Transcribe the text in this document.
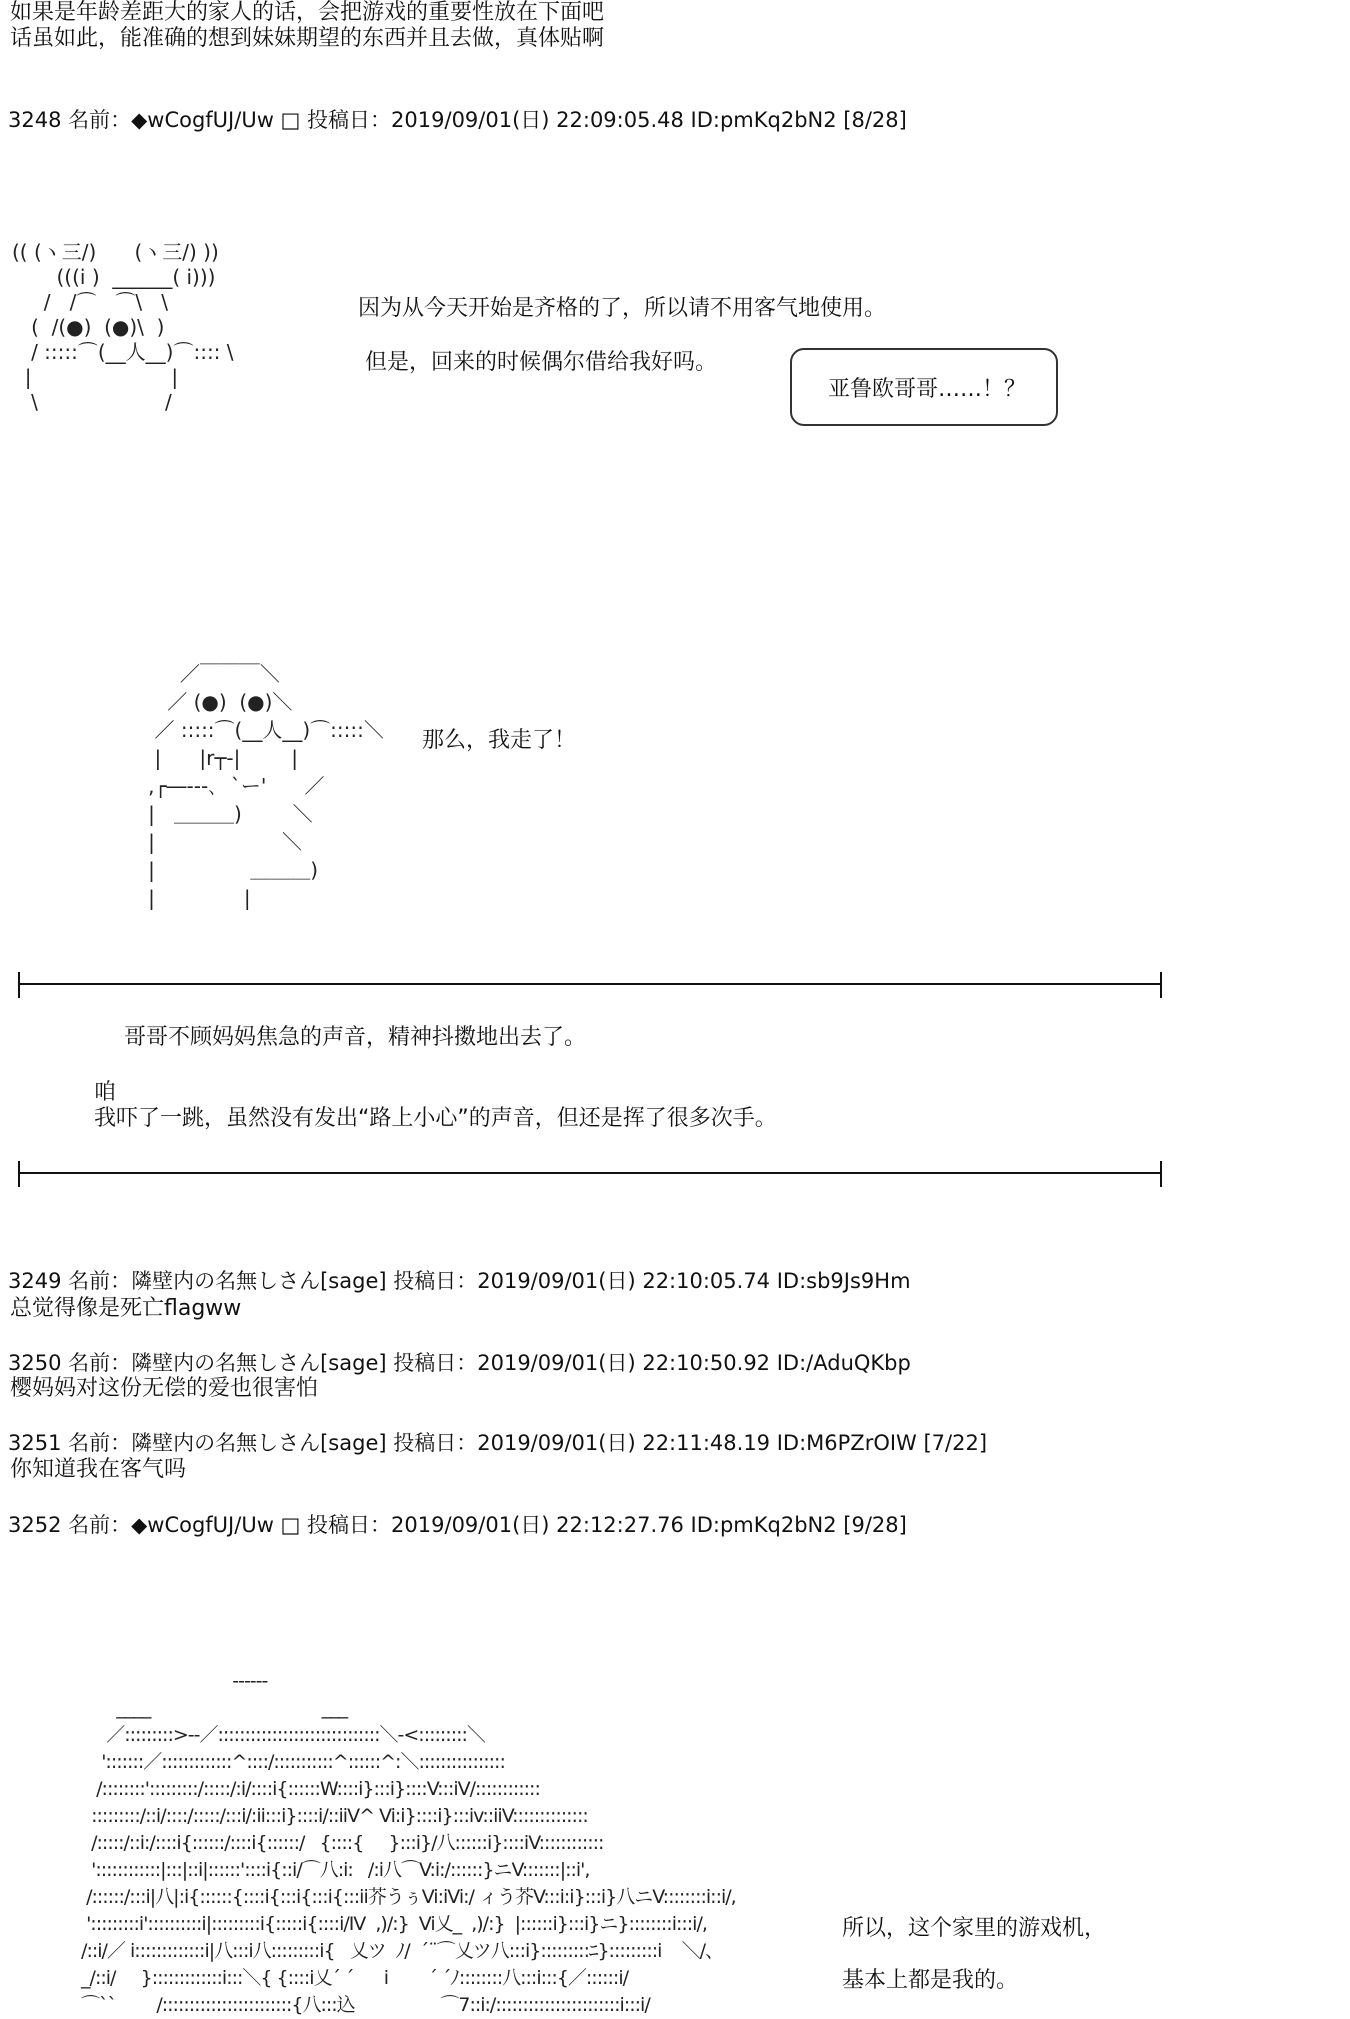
如果是年龄差距大的家人的话，会把游戏的重要性放在下面吧
话虽如此，能准确的想到妹妹期望的东西并且去做，真体贴啊
3248 名前：◆wCogfUJ/Uw □ 投稿日：2019/09/01(日) 22:09:05.48 ID:pmKq2bN2 [8/28]
(( (ヽ三/)      (ヽ三/) ))
(((i )  ______( i)))
/   /⌒   ⌒\   \
(  /(●)  (●)\  )
/ :::::⌒(__人__)⌒:::: \
|                      |
\                    /
因为从今天开始是齐格的了，所以请不用客气地使用。
但是，回来的时候偶尔借给我好吗。
亚鲁欧哥哥……！？
／￣￣￣＼
／ (●)  (●)＼
／ :::::⌒(__人__)⌒:::::＼
|      |r┬-|        |
,┌―‐--､  `ー'      ／
|   ＿＿＿)        ＼
|                    ＼
|               ＿＿＿)
|              |
那么，我走了！
哥哥不顾妈妈焦急的声音，精神抖擞地出去了。
咱
我吓了一跳，虽然没有发出“路上小心”的声音，但还是挥了很多次手。
3249 名前：隣壁内の名無しさん[sage] 投稿日：2019/09/01(日) 22:10:05.74 ID:sb9Js9Hm
总觉得像是死亡flagww
3250 名前：隣壁内の名無しさん[sage] 投稿日：2019/09/01(日) 22:10:50.92 ID:/AduQKbp
樱妈妈对这份无偿的爱也很害怕
3251 名前：隣壁内の名無しさん[sage] 投稿日：2019/09/01(日) 22:11:48.19 ID:M6PZrOIW [7/22]
你知道我在客气吗
3252 名前：◆wCogfUJ/Uw □ 投稿日：2019/09/01(日) 22:12:27.76 ID:pmKq2bN2 [9/28]
------
____                                  ___
／:::::::::>--／::::::::::::::::::::::::::::::＼-<:::::::::＼
':::::::／:::::::::::::^::::/:::::::::::^::::::^:＼::::::::::::::::
/::::::::':::::::::/:::::/:i/::::i{::::::W::::i}:::i}::::V:::iV/::::::::::::
:::::::::/::i/::::/:::::/:::i/:ii:::i}::::i/::iiV^ Vi:i}::::i}:::iv::iiV::::::::::::::
/:::::/::i:/::::i{::::::/::::i{::::::/   {::::{     }:::i}/八::::::i}::::iV::::::::::::
'::::::::::::|:::|::i|::::::'::::i{::i/⌒八:i:   /:i八⌒V:i:/::::::}ニV:::::::|::i',
/::::::/:::i|八|:i{::::::{::::i{:::i{:::i{:::ii芥うぅVi:iVi:/ ィう芥V:::i:i}:::i}八ニV::::::::i::i/,
':::::::::i'::::::::::i|:::::::::i{:::::i{::::i/Ⅳ  ,)/:}  Vi乂_  ,)/:}  |::::::i}:::i}ニ}::::::::i:::i/,
/::i/／ i:::::::::::::i|八:::i八:::::::::i{   乂ツ  ﾉ/  ´¨⌒乂ツ八:::i}:::::::::ﾆ}:::::::::i    ＼/、
_/::i/     }:::::::::::::i:::＼{ {::::i乂´ ´      i        ´ ´ﾉ::::::::八:::i:::{／::::::i/
⌒``        /::::::::::::::::::::::::{八:::込                 ⌒7::i:/:::::::::::::::::::::::i:::i/
所以，这个家里的游戏机，
基本上都是我的。
